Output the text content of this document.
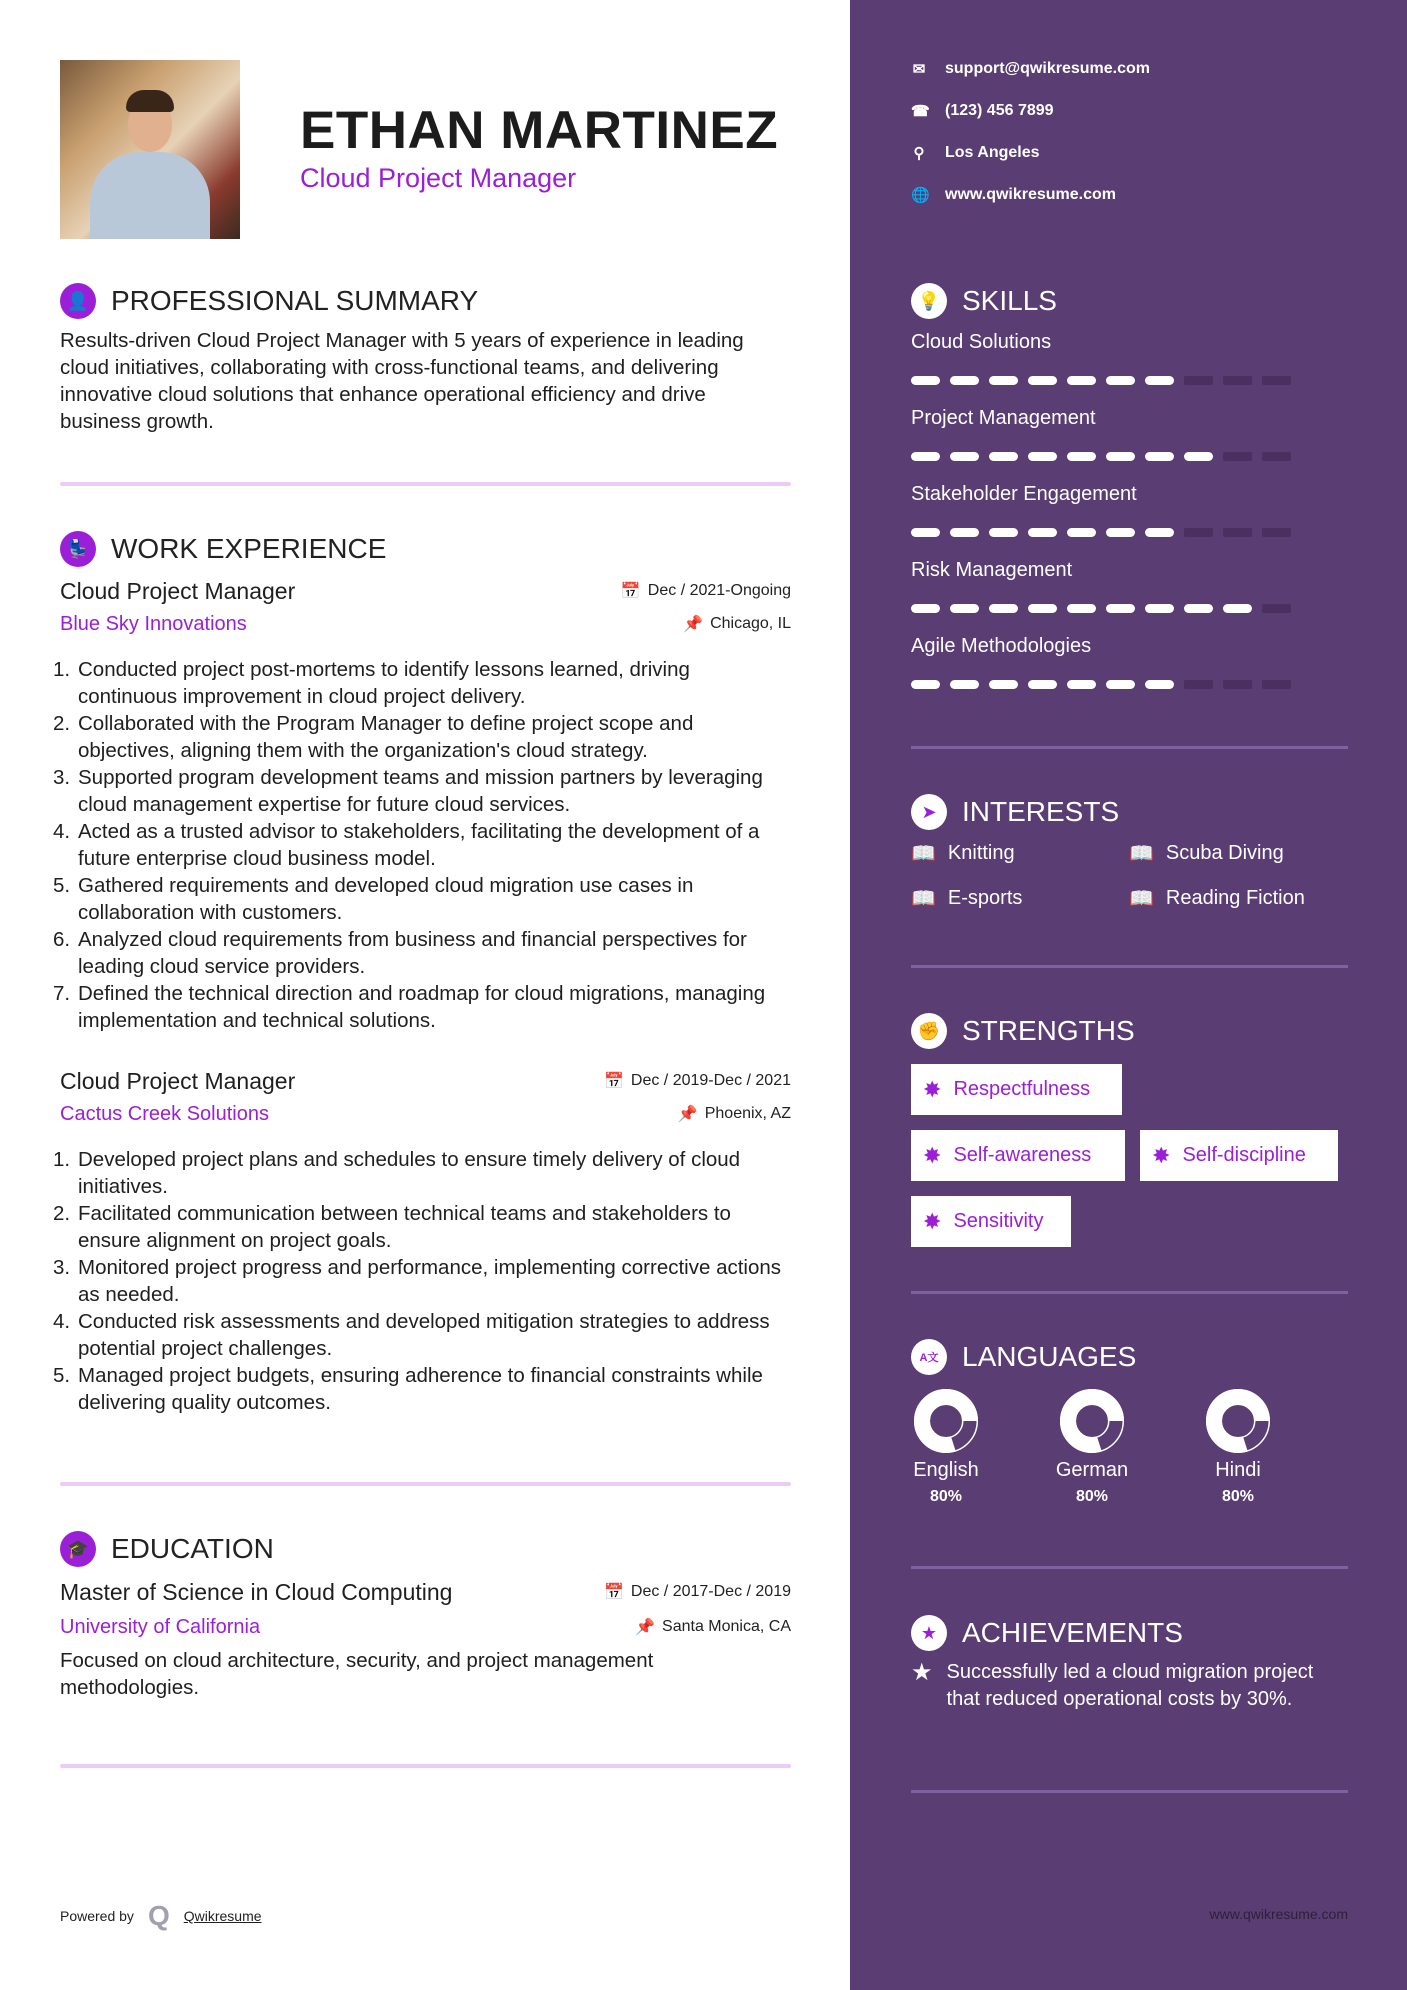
ETHAN MARTINEZ
Cloud Project Manager
👤 PROFESSIONAL SUMMARY

Results-driven Cloud Project Manager with 5 years of experience in leading cloud initiatives, collaborating with cross-functional teams, and delivering innovative cloud solutions that enhance operational efficiency and drive business growth.

💺 WORK EXPERIENCE
Cloud Project Manager	📅 Dec / 2021-Ongoing
Blue Sky Innovations	📌 Chicago, IL
1. Conducted project post-mortems to identify lessons learned, driving continuous improvement in cloud project delivery.
2. Collaborated with the Program Manager to define project scope and objectives, aligning them with the organization's cloud strategy.
3. Supported program development teams and mission partners by leveraging cloud management expertise for future cloud services.
4. Acted as a trusted advisor to stakeholders, facilitating the development of a future enterprise cloud business model.
5. Gathered requirements and developed cloud migration use cases in collaboration with customers.
6. Analyzed cloud requirements from business and financial perspectives for leading cloud service providers.
7. Defined the technical direction and roadmap for cloud migrations, managing implementation and technical solutions.
Cloud Project Manager	📅 Dec / 2019-Dec / 2021
Cactus Creek Solutions	📌 Phoenix, AZ
1. Developed project plans and schedules to ensure timely delivery of cloud initiatives.
2. Facilitated communication between technical teams and stakeholders to ensure alignment on project goals.
3. Monitored project progress and performance, implementing corrective actions as needed.
4. Conducted risk assessments and developed mitigation strategies to address potential project challenges.
5. Managed project budgets, ensuring adherence to financial constraints while delivering quality outcomes.
🎓 EDUCATION
Master of Science in Cloud Computing	📅 Dec / 2017-Dec / 2019
University of California	📌 Santa Monica, CA

Focused on cloud architecture, security, and project management methodologies.

Powered by Q Qwikresume
✉ support@qwikresume.com
☎ (123) 456 7899
⚲ Los Angeles
🌐 www.qwikresume.com
💡 SKILLS
Cloud Solutions
Project Management
Stakeholder Engagement
Risk Management
Agile Methodologies
➤ INTERESTS
📖 Knitting	📖 Scuba Diving
📖 E-sports	📖 Reading Fiction
✊ STRENGTHS
✸ Respectfulness
✸ Self-awareness	✸ Self-discipline
✸ Sensitivity
A文 LANGUAGES
English
80%
German
80%
Hindi
80%
★ ACHIEVEMENTS
★ Successfully led a cloud migration project that reduced operational costs by 30%.

www.qwikresume.com
